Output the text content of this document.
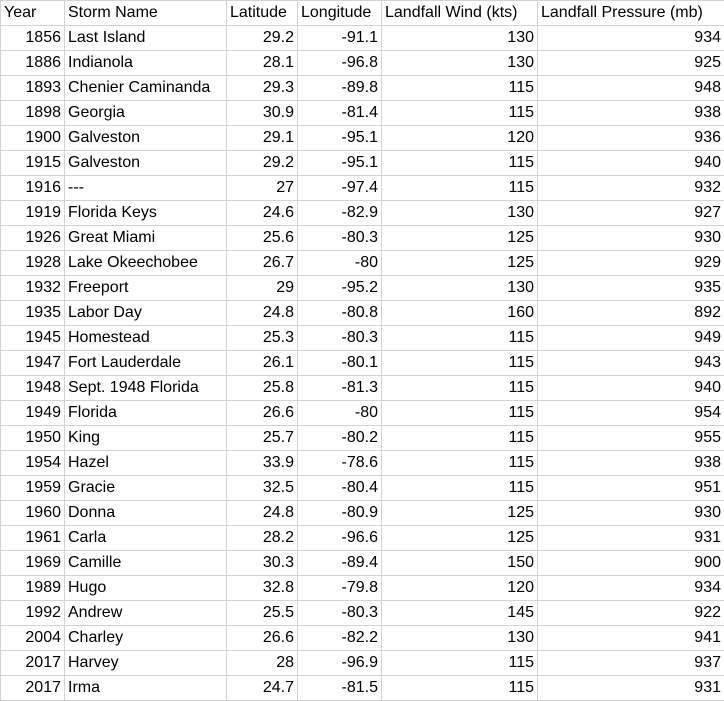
Year	Storm Name	Latitude	Longitude	Landfall Wind (kts)	Landfall Pressure (mb)
1856	Last Island	29.2	-91.1	130	934
1886	Indianola	28.1	-96.8	130	925
1893	Chenier Caminanda	29.3	-89.8	115	948
1898	Georgia	30.9	-81.4	115	938
1900	Galveston	29.1	-95.1	120	936
1915	Galveston	29.2	-95.1	115	940
1916	---	27	-97.4	115	932
1919	Florida Keys	24.6	-82.9	130	927
1926	Great Miami	25.6	-80.3	125	930
1928	Lake Okeechobee	26.7	-80	125	929
1932	Freeport	29	-95.2	130	935
1935	Labor Day	24.8	-80.8	160	892
1945	Homestead	25.3	-80.3	115	949
1947	Fort Lauderdale	26.1	-80.1	115	943
1948	Sept. 1948 Florida	25.8	-81.3	115	940
1949	Florida	26.6	-80	115	954
1950	King	25.7	-80.2	115	955
1954	Hazel	33.9	-78.6	115	938
1959	Gracie	32.5	-80.4	115	951
1960	Donna	24.8	-80.9	125	930
1961	Carla	28.2	-96.6	125	931
1969	Camille	30.3	-89.4	150	900
1989	Hugo	32.8	-79.8	120	934
1992	Andrew	25.5	-80.3	145	922
2004	Charley	26.6	-82.2	130	941
2017	Harvey	28	-96.9	115	937
2017	Irma	24.7	-81.5	115	931
